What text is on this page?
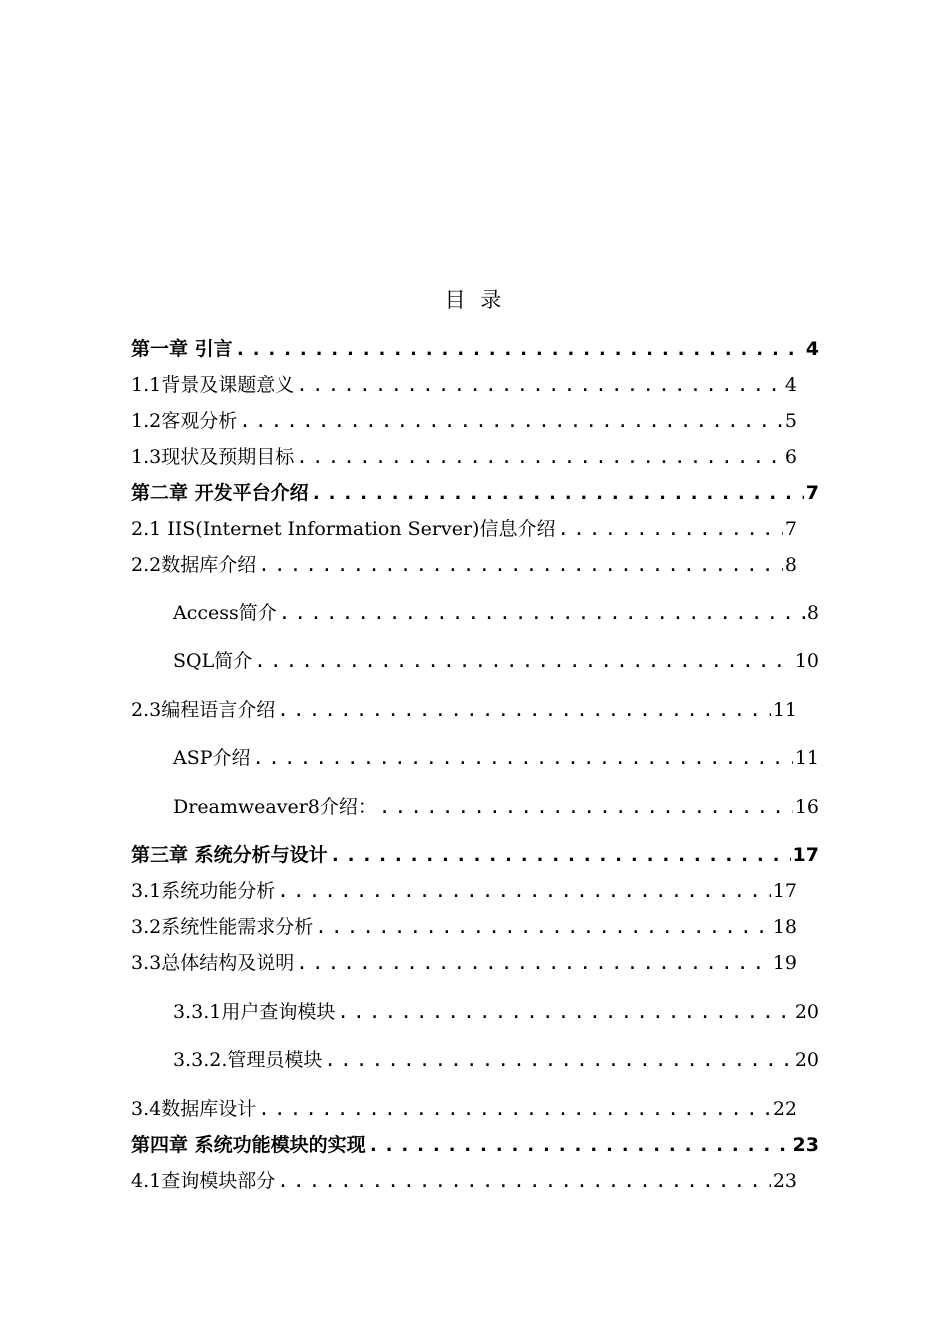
目 录
第一章 引言 .....	4
1.1背景及课题意义 .....	4
1.2客观分析 .....	5
1.3现状及预期目标 .....	6
第二章 开发平台介绍 .....	7
2.1 IIS(Internet Information Server)信息介绍 .....	7
2.2数据库介绍 .....	8
Access简介 .....	8
SQL简介 .....	10
2.3编程语言介绍 .....	11
ASP介绍 .....	11
Dreamweaver8介绍： .....	16
第三章 系统分析与设计 .....	17
3.1系统功能分析 .....	17
3.2系统性能需求分析 .....	18
3.3总体结构及说明 .....	19
3.3.1用户查询模块 .....	20
3.3.2.管理员模块 .....	20
3.4数据库设计 .....	22
第四章 系统功能模块的实现 .....	23
4.1查询模块部分 .....	23
